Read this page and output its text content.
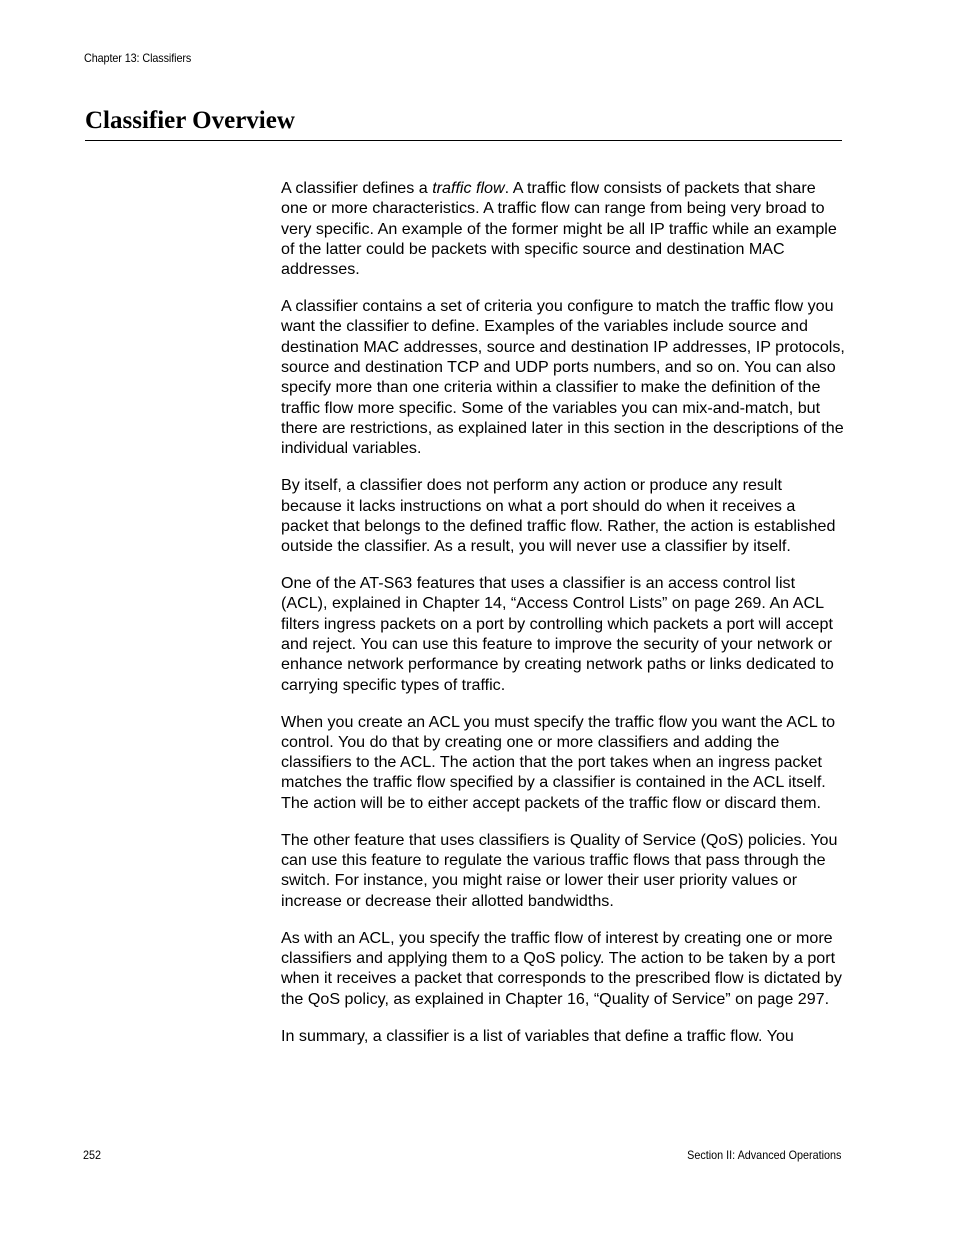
Chapter 13: Classifiers
Classifier Overview

A classifier defines a traffic flow. A traffic flow consists of packets that share one or more characteristics. A traffic flow can range from being very broad to very specific. An example of the former might be all IP traffic while an example of the latter could be packets with specific source and destination MAC addresses.

A classifier contains a set of criteria you configure to match the traffic flow you want the classifier to define. Examples of the variables include source and destination MAC addresses, source and destination IP addresses, IP protocols, source and destination TCP and UDP ports numbers, and so on. You can also specify more than one criteria within a classifier to make the definition of the traffic flow more specific. Some of the variables you can mix-and-match, but there are restrictions, as explained later in this section in the descriptions of the individual variables.

By itself, a classifier does not perform any action or produce any result because it lacks instructions on what a port should do when it receives a packet that belongs to the defined traffic flow. Rather, the action is established outside the classifier. As a result, you will never use a classifier by itself.

One of the AT-S63 features that uses a classifier is an access control list (ACL), explained in Chapter 14, “Access Control Lists” on page 269. An ACL filters ingress packets on a port by controlling which packets a port will accept and reject. You can use this feature to improve the security of your network or enhance network performance by creating network paths or links dedicated to carrying specific types of traffic.

When you create an ACL you must specify the traffic flow you want the ACL to control. You do that by creating one or more classifiers and adding the classifiers to the ACL. The action that the port takes when an ingress packet matches the traffic flow specified by a classifier is contained in the ACL itself. The action will be to either accept packets of the traffic flow or discard them.

The other feature that uses classifiers is Quality of Service (QoS) policies. You can use this feature to regulate the various traffic flows that pass through the switch. For instance, you might raise or lower their user priority values or increase or decrease their allotted bandwidths.

As with an ACL, you specify the traffic flow of interest by creating one or more classifiers and applying them to a QoS policy. The action to be taken by a port when it receives a packet that corresponds to the prescribed flow is dictated by the QoS policy, as explained in Chapter 16, “Quality of Service” on page 297.

In summary, a classifier is a list of variables that define a traffic flow. You

252	Section II: Advanced Operations
